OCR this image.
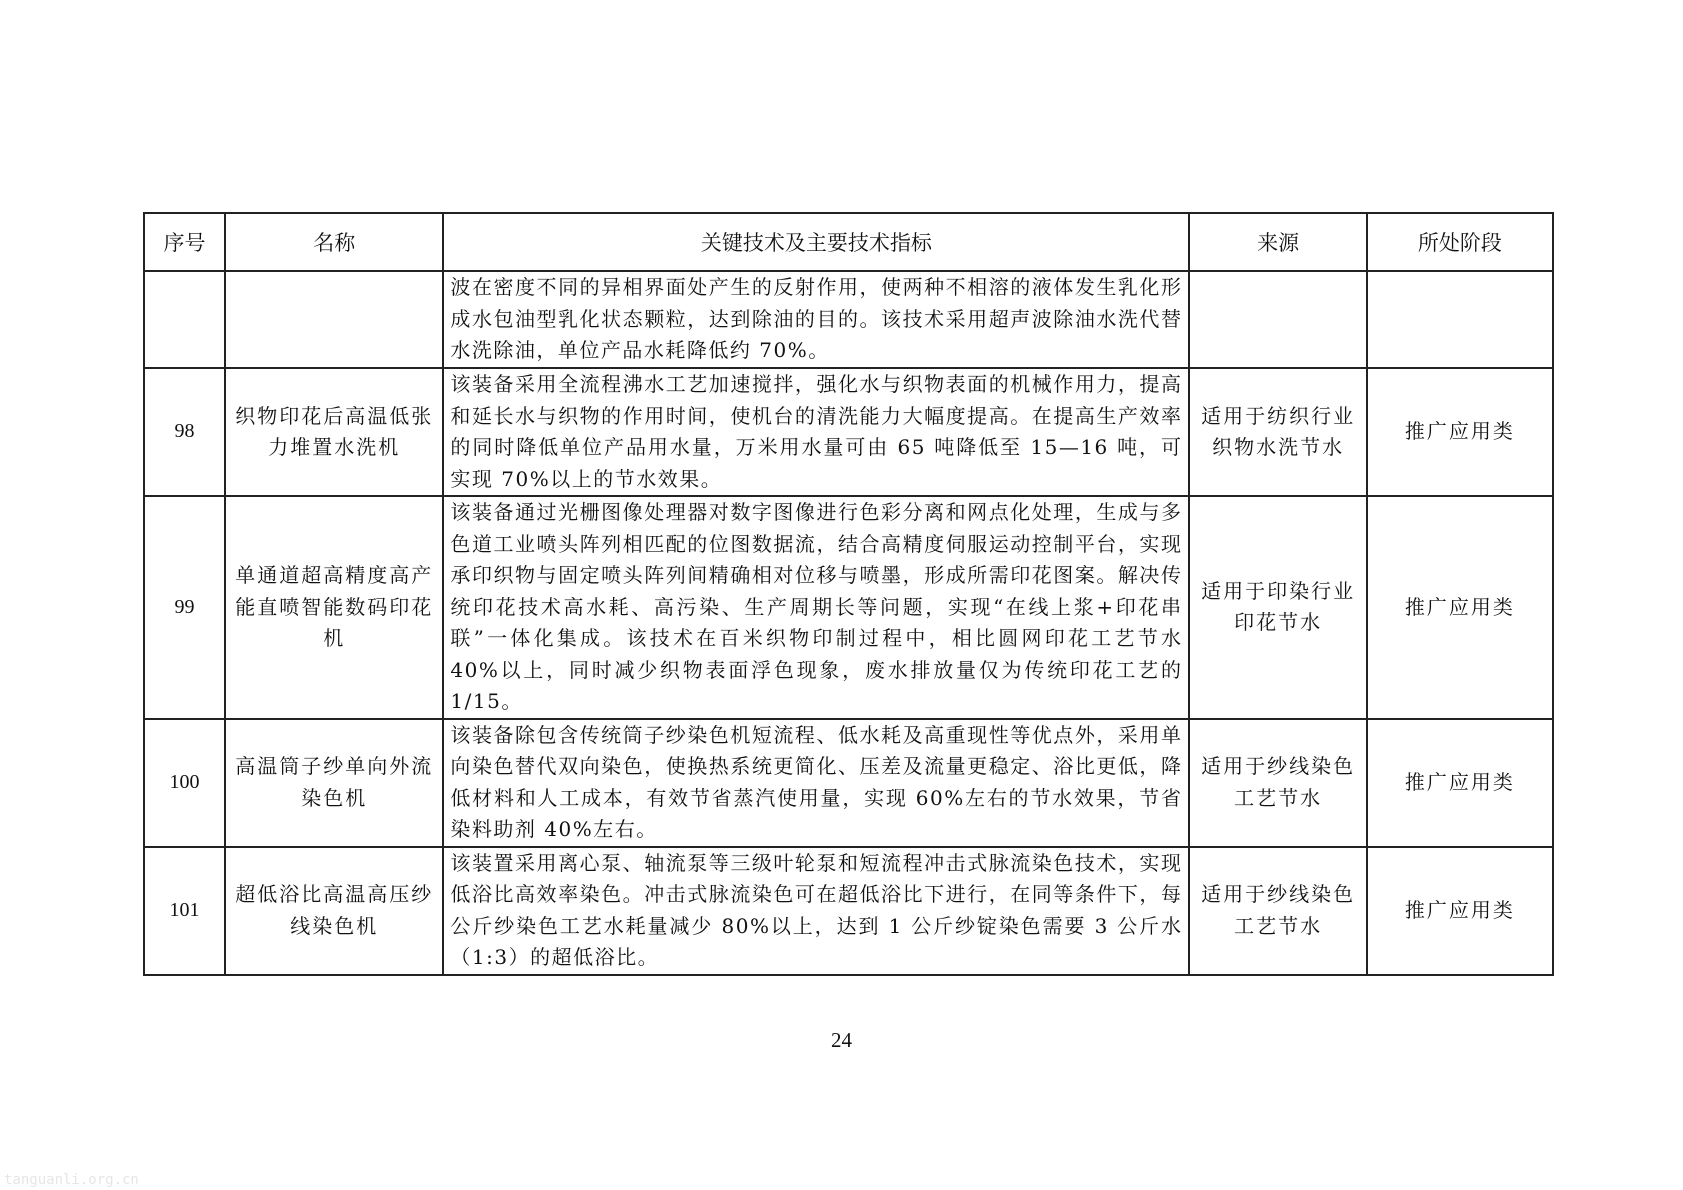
序号	名称	关键技术及主要技术指标	来源	所处阶段
		波在密度不同的异相界面处产生的反射作用，使两种不相溶的液体发生乳化形成水包油型乳化状态颗粒，达到除油的目的。该技术采用超声波除油水洗代替水洗除油，单位产品水耗降低约 70%。		
98	织物印花后高温低张力堆置水洗机	该装备采用全流程沸水工艺加速搅拌，强化水与织物表面的机械作用力，提高和延长水与织物的作用时间，使机台的清洗能力大幅度提高。在提高生产效率的同时降低单位产品用水量，万米用水量可由 65 吨降低至 15—16 吨，可实现 70%以上的节水效果。	适用于纺织行业织物水洗节水	推广应用类
99	单通道超高精度高产能直喷智能数码印花机	该装备通过光栅图像处理器对数字图像进行色彩分离和网点化处理，生成与多色道工业喷头阵列相匹配的位图数据流，结合高精度伺服运动控制平台，实现承印织物与固定喷头阵列间精确相对位移与喷墨，形成所需印花图案。解决传统印花技术高水耗、高污染、生产周期长等问题，实现“在线上浆+印花串联”一体化集成。该技术在百米织物印制过程中，相比圆网印花工艺节水 40%以上，同时减少织物表面浮色现象，废水排放量仅为传统印花工艺的 1/15。	适用于印染行业印花节水	推广应用类
100	高温筒子纱单向外流染色机	该装备除包含传统筒子纱染色机短流程、低水耗及高重现性等优点外，采用单向染色替代双向染色，使换热系统更简化、压差及流量更稳定、浴比更低，降低材料和人工成本，有效节省蒸汽使用量，实现 60%左右的节水效果，节省染料助剂 40%左右。	适用于纱线染色工艺节水	推广应用类
101	超低浴比高温高压纱线染色机	该装置采用离心泵、轴流泵等三级叶轮泵和短流程冲击式脉流染色技术，实现低浴比高效率染色。冲击式脉流染色可在超低浴比下进行，在同等条件下，每公斤纱染色工艺水耗量减少 80%以上，达到 1 公斤纱锭染色需要 3 公斤水（1:3）的超低浴比。	适用于纱线染色工艺节水	推广应用类
24
tanguanli.org.cn
